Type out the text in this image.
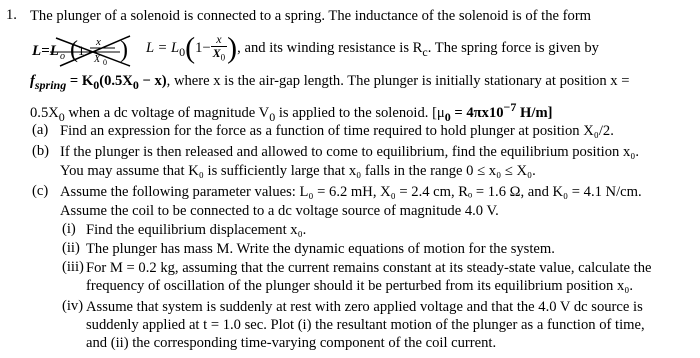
1. The plunger of a solenoid is connected to a spring. The inductance of the solenoid is of the form
L=L o ( 1
x
X 0 ) $L = L_0(1- \frac{x}{X_0}$ ), and its winding resistance is $R_c$. The spring force is given by
$f_{spring} = K_0(0.5X_0 - x)$, where x is the air-gap length. The plunger is initially stationary at position x =
$0.5X_0$ when a dc voltage of magnitude $V_0$ is applied to the solenoid. [$\mu_0 = 4\pi x10^{-7}$ H/m]
(a) Find an expression for the force as a function of time required to hold plunger at position X₀/2.
(b) If the plunger is then released and allowed to come to equilibrium, find the equilibrium position x₀.
You may assume that K₀ is sufficiently large that x₀ falls in the range 0 ≤ x₀ ≤ X₀.
(c) Assume the following parameter values: L₀ = 6.2 mH, X₀ = 2.4 cm, Rₒ = 1.6 Ω, and K₀ = 4.1 N/cm.
Assume the coil to be connected to a dc voltage source of magnitude 4.0 V.
(i) Find the equilibrium displacement x₀.
(ii) The plunger has mass M. Write the dynamic equations of motion for the system.
(iii) For M = 0.2 kg, assuming that the current remains constant at its steady-state value, calculate the
frequency of oscillation of the plunger should it be perturbed from its equilibrium position x₀.
(iv) Assume that system is suddenly at rest with zero applied voltage and that the 4.0 V dc source is
suddenly applied at t = 1.0 sec. Plot (i) the resultant motion of the plunger as a function of time,
and (ii) the corresponding time-varying component of the coil current.
